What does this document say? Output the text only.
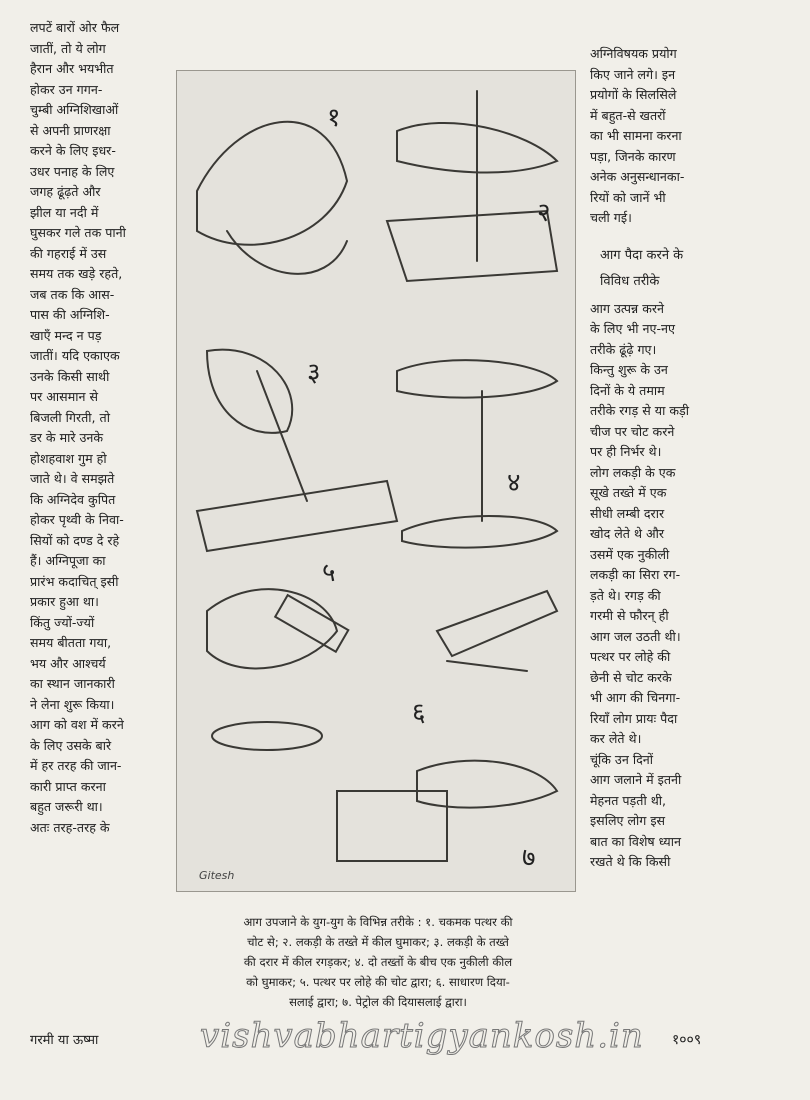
लपटें बारों ओर फैल
जातीं, तो ये लोग
हैरान और भयभीत
होकर उन गगन-
चुम्बी अग्निशिखाओं
से अपनी प्राणरक्षा
करने के लिए इधर-
उधर पनाह के लिए
जगह ढूंढ़ते और
झील या नदी में
घुसकर गले तक पानी
की गहराई में उस
समय तक खड़े रहते,
जब तक कि आस-
पास की अग्निशि-
खाएँ मन्द न पड़
जातीं। यदि एकाएक
उनके किसी साथी
पर आसमान से
बिजली गिरती, तो
डर के मारे उनके
होशहवाश गुम हो
जाते थे। वे समझते
कि अग्निदेव कुपित
होकर पृथ्वी के निवा-
सियों को दण्ड दे रहे
हैं। अग्निपूजा का
प्रारंभ कदाचित् इसी
प्रकार हुआ था।
किंतु ज्यों-ज्यों
समय बीतता गया,
भय और आश्चर्य
का स्थान जानकारी
ने लेना शुरू किया।
आग को वश में करने
के लिए उसके बारे
में हर तरह की जान-
कारी प्राप्त करना
बहुत जरूरी था।
अतः तरह-तरह के
अग्निविषयक प्रयोग
किए जाने लगे। इन
प्रयोगों के सिलसिले
में बहुत-से खतरों
का भी सामना करना
पड़ा, जिनके कारण
अनेक अनुसन्धानका-
रियों को जानें भी
चली गई।

आग पैदा करने के
विविध तरीके

आग उत्पन्न करने
के लिए भी नए-नए
तरीके ढूंढ़े गए।
किन्तु शुरू के उन
दिनों के ये तमाम
तरीके रगड़ से या कड़ी
चीज पर चोट करने
पर ही निर्भर थे।
लोग लकड़ी के एक
सूखे तख्ते में एक
सीधी लम्बी दरार
खोद लेते थे और
उसमें एक नुकीली
लकड़ी का सिरा रग-
ड़ते थे। रगड़ की
गरमी से फौरन् ही
आग जल उठती थी।
पत्थर पर लोहे की
छेनी से चोट करके
भी आग की चिनगा-
रियाँ लोग प्रायः पैदा
कर लेते थे।
चूंकि उन दिनों
आग जलाने में इतनी
मेहनत पड़ती थी,
इसलिए लोग इस
बात का विशेष ध्यान
रखते थे कि किसी
१
२
३
४
५
६
७
Gitesh
आग उपजाने के युग-युग के विभिन्न तरीके : १. चकमक पत्थर की
चोट से; २. लकड़ी के तख्ते में कील घुमाकर; ३. लकड़ी के तख्ते
की दरार में कील रगड़कर; ४. दो तख्तों के बीच एक नुकीली कील
को घुमाकर; ५. पत्थर पर लोहे की चोट द्वारा; ६. साधारण दिया-
सलाई द्वारा; ७. पेट्रोल की दियासलाई द्वारा।
गरमी या ऊष्मा	vishvabhartigyankosh.in १००९
